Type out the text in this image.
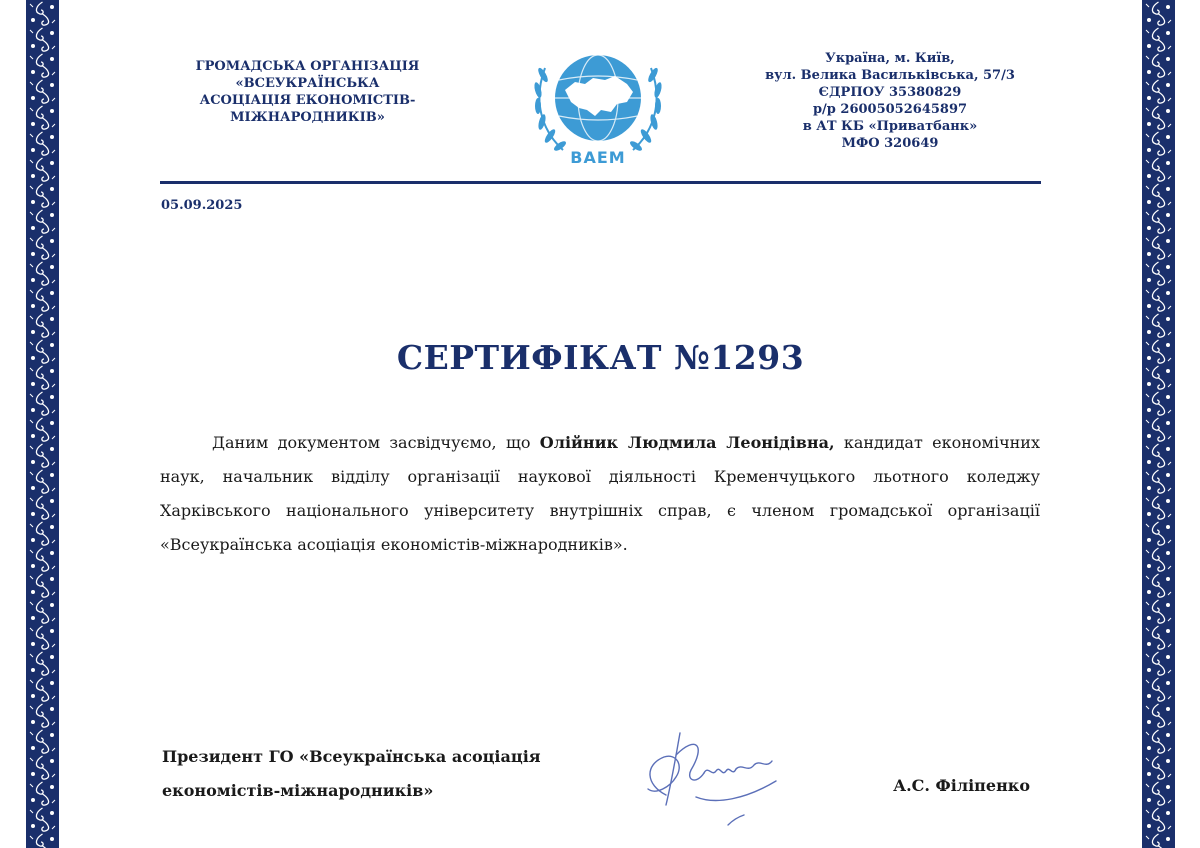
ГРОМАДСЬКА ОРГАНІЗАЦІЯ
«ВСЕУКРАЇНСЬКА
АСОЦІАЦІЯ ЕКОНОМІСТІВ-
МІЖНАРОДНИКІВ»
ВАЕМ
Україна, м. Київ,
вул. Велика Васильківська, 57/3
ЄДРПОУ 35380829
р/р 26005052645897
в АТ КБ «Приватбанк»
МФО 320649
05.09.2025
СЕРТИФІКАТ №1293
Даним документом засвідчуємо, що Олійник Людмила Леонідівна, кандидат економічних наук, начальник відділу організації наукової діяльності Кременчуцького льотного коледжу Харківського національного університету внутрішніх справ, є членом громадської організації «Всеукраїнська асоціація економістів-міжнародників».
Президент ГО «Всеукраїнська асоціація
економістів-міжнародників»	А.С. Філіпенко
